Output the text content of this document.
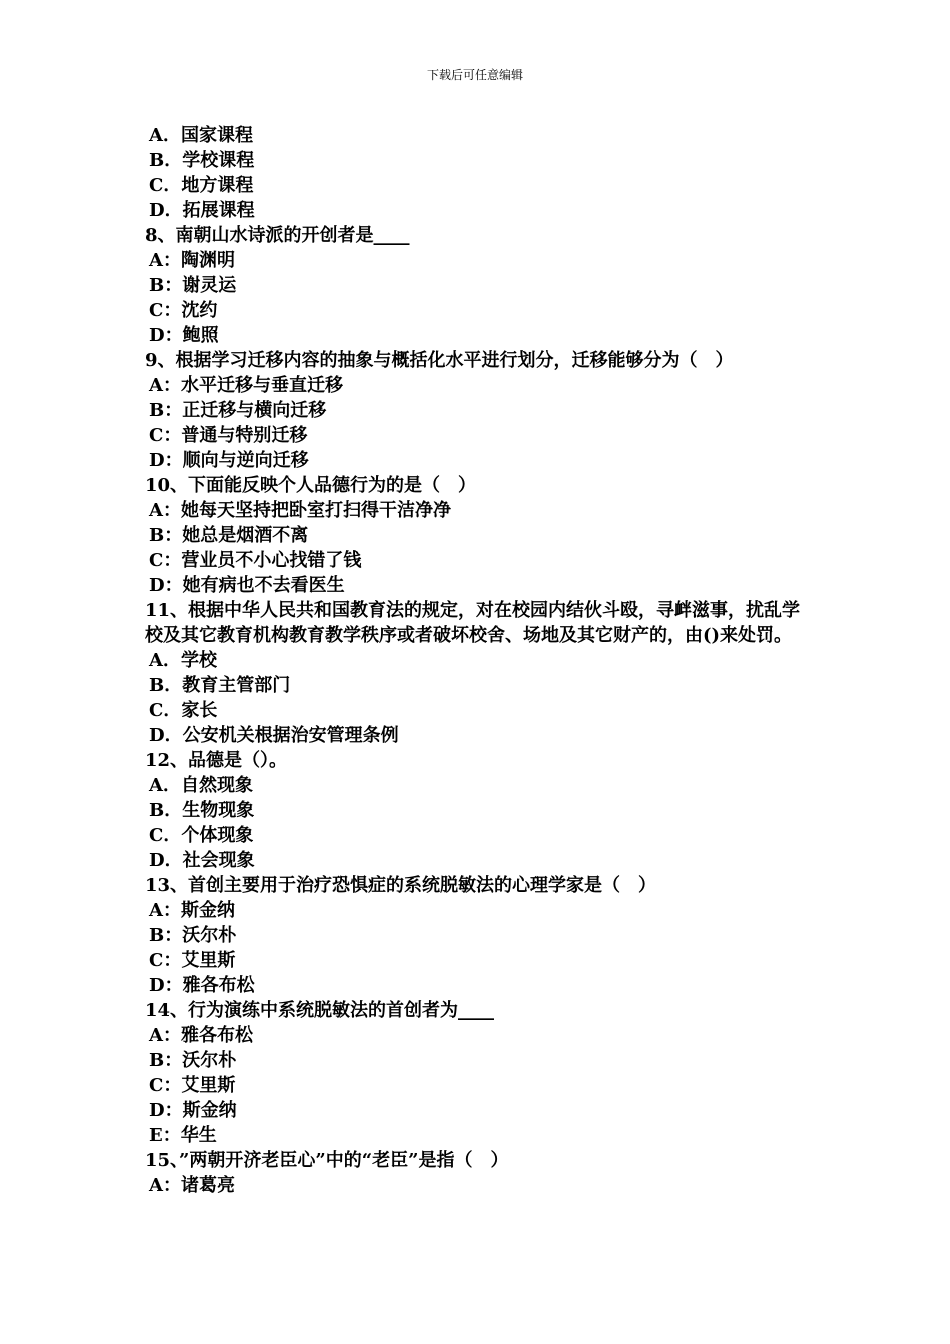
下载后可任意编辑
A．国家课程
B．学校课程
C．地方课程
D．拓展课程
8、南朝山水诗派的开创者是____
A：陶渊明
B：谢灵运
C：沈约
D：鲍照
9、根据学习迁移内容的抽象与概括化水平进行划分，迁移能够分为（　）
A：水平迁移与垂直迁移
B：正迁移与横向迁移
C：普通与特别迁移
D：顺向与逆向迁移
10、下面能反映个人品德行为的是（　）
A：她每天坚持把卧室打扫得干洁净净
B：她总是烟酒不离
C：营业员不小心找错了钱
D：她有病也不去看医生
11、根据中华人民共和国教育法的规定，对在校园内结伙斗殴，寻衅滋事，扰乱学校及其它教育机构教育教学秩序或者破坏校舍、场地及其它财产的，由()来处罚。
A．学校
B．教育主管部门
C．家长
D．公安机关根据治安管理条例
12、品德是（）。
A．自然现象
B．生物现象
C．个体现象
D．社会现象
13、首创主要用于治疗恐惧症的系统脱敏法的心理学家是（　）
A：斯金纳
B：沃尔朴
C：艾里斯
D：雅各布松
14、行为演练中系统脱敏法的首创者为____
A：雅各布松
B：沃尔朴
C：艾里斯
D：斯金纳
E：华生
15、”两朝开济老臣心”中的“老臣”是指（　）
A：诸葛亮
